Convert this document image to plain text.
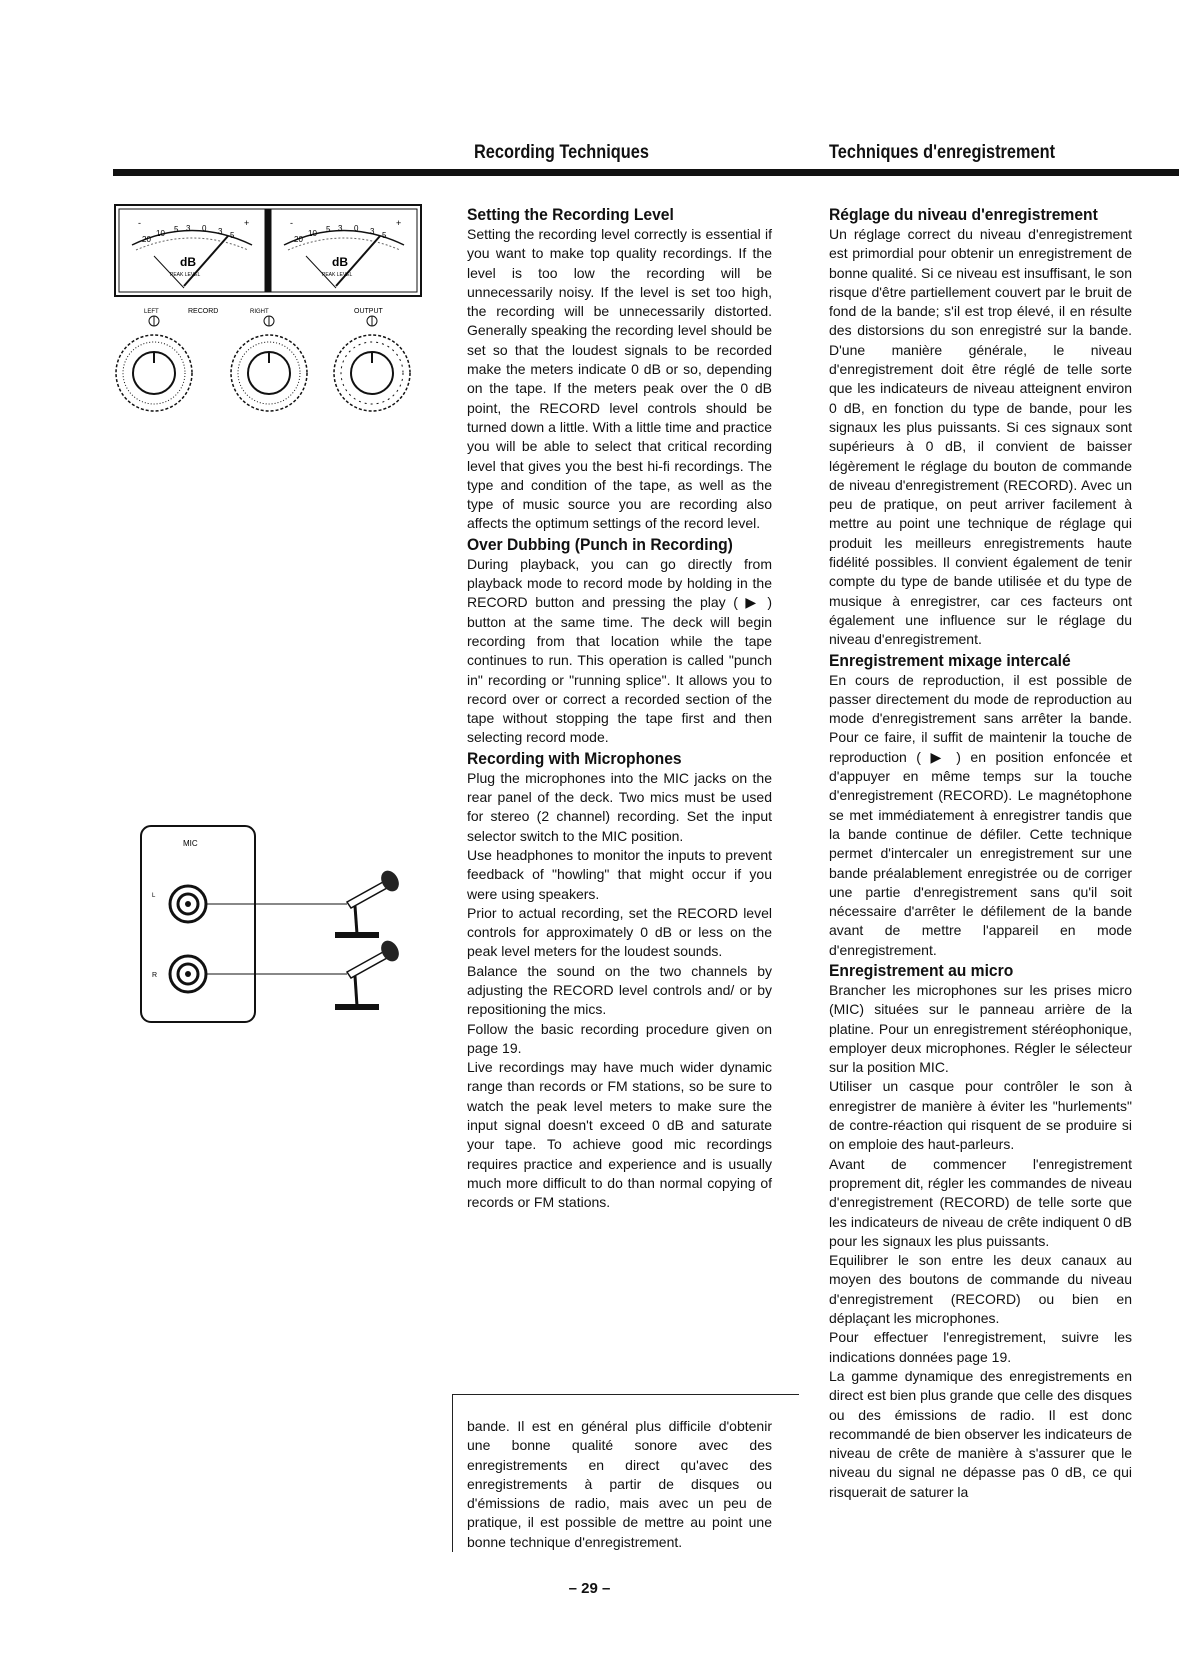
Recording Techniques	Techniques d'enregistrement
-	+
20
10 5 3 0 3 5
dB
PEAK LEVEL
-	+
20
10 5 3 0 3 5
dB
PEAK LEVEL
LEFT	RECORD	RIGHT	OUTPUT
MIC
L
R
Setting the Recording Level

Setting the recording level correctly is essential if you want to make top quality recordings. If the level is too low the recording will be unnecessarily noisy. If the level is set too high, the recording will be unnecessarily distorted. Generally speaking the recording level should be set so that the loudest signals to be recorded make the meters indicate 0 dB or so, depending on the tape. If the meters peak over the 0 dB point, the RECORD level controls should be turned down a little. With a little time and practice you will be able to select that critical recording level that gives you the best hi-fi recordings. The type and condition of the tape, as well as the type of music source you are recording also affects the optimum settings of the record level.

Over Dubbing (Punch in Recording)

During playback, you can go directly from playback mode to record mode by holding in the RECORD button and pressing the play ( ▶ ) button at the same time. The deck will begin recording from that location while the tape continues to run. This operation is called "punch in" recording or "running splice". It allows you to record over or correct a recorded section of the tape without stopping the tape first and then selecting record mode.

Recording with Microphones

Plug the microphones into the MIC jacks on the rear panel of the deck. Two mics must be used for stereo (2 channel) recording. Set the input selector switch to the MIC position.

Use headphones to monitor the inputs to prevent feedback of "howling" that might occur if you were using speakers.

Prior to actual recording, set the RECORD level controls for approximately 0 dB or less on the peak level meters for the loudest sounds.

Balance the sound on the two channels by adjusting the RECORD level controls and/ or by repositioning the mics.

Follow the basic recording procedure given on page 19.

Live recordings may have much wider dynamic range than records or FM stations, so be sure to watch the peak level meters to make sure the input signal doesn't exceed 0 dB and saturate your tape. To achieve good mic recordings requires practice and experience and is usually much more difficult to do than normal copying of records or FM stations.

Réglage du niveau d'enregistrement

Un réglage correct du niveau d'enregistrement est primordial pour obtenir un enregistrement de bonne qualité. Si ce niveau est insuffisant, le son risque d'être partiellement couvert par le bruit de fond de la bande; s'il est trop élevé, il en résulte des distorsions du son enregistré sur la bande. D'une manière générale, le niveau d'enregistrement doit être réglé de telle sorte que les indicateurs de niveau atteignent environ 0 dB, en fonction du type de bande, pour les signaux les plus puissants. Si ces signaux sont supérieurs à 0 dB, il convient de baisser légèrement le réglage du bouton de commande de niveau d'enregistrement (RECORD). Avec un peu de pratique, on peut arriver facilement à mettre au point une technique de réglage qui produit les meilleurs enregistrements haute fidélité possibles. Il convient également de tenir compte du type de bande utilisée et du type de musique à enregistrer, car ces facteurs ont également une influence sur le réglage du niveau d'enregistrement.

Enregistrement mixage intercalé

En cours de reproduction, il est possible de passer directement du mode de reproduction au mode d'enregistrement sans arrêter la bande. Pour ce faire, il suffit de maintenir la touche de reproduction ( ▶ ) en position enfoncée et d'appuyer en même temps sur la touche d'enregistrement (RECORD). Le magnétophone se met immédiatement à enregistrer tandis que la bande continue de défiler. Cette technique permet d'intercaler un enregistrement sur une bande préalablement enregistrée ou de corriger une partie d'enregistrement sans qu'il soit nécessaire d'arrêter le défilement de la bande avant de mettre l'appareil en mode d'enregistrement.

Enregistrement au micro

Brancher les microphones sur les prises micro (MIC) situées sur le panneau arrière de la platine. Pour un enregistrement stéréophonique, employer deux microphones. Régler le sélecteur sur la position MIC.

Utiliser un casque pour contrôler le son à enregistrer de manière à éviter les "hurlements" de contre-réaction qui risquent de se produire si on emploie des haut-parleurs.

Avant de commencer l'enregistrement proprement dit, régler les commandes de niveau d'enregistrement (RECORD) de telle sorte que les indicateurs de niveau de crête indiquent 0 dB pour les signaux les plus puissants.

Equilibrer le son entre les deux canaux au moyen des boutons de commande du niveau d'enregistrement (RECORD) ou bien en déplaçant les microphones.

Pour effectuer l'enregistrement, suivre les indications données page 19.

La gamme dynamique des enregistrements en direct est bien plus grande que celle des disques ou des émissions de radio. Il est donc recommandé de bien observer les indicateurs de niveau de crête de manière à s'assurer que le niveau du signal ne dépasse pas 0 dB, ce qui risquerait de saturer la

bande. Il est en général plus difficile d'obtenir une bonne qualité sonore avec des enregistrements en direct qu'avec des enregistrements à partir de disques ou d'émissions de radio, mais avec un peu de pratique, il est possible de mettre au point une bonne technique d'enregistrement.

– 29 –
